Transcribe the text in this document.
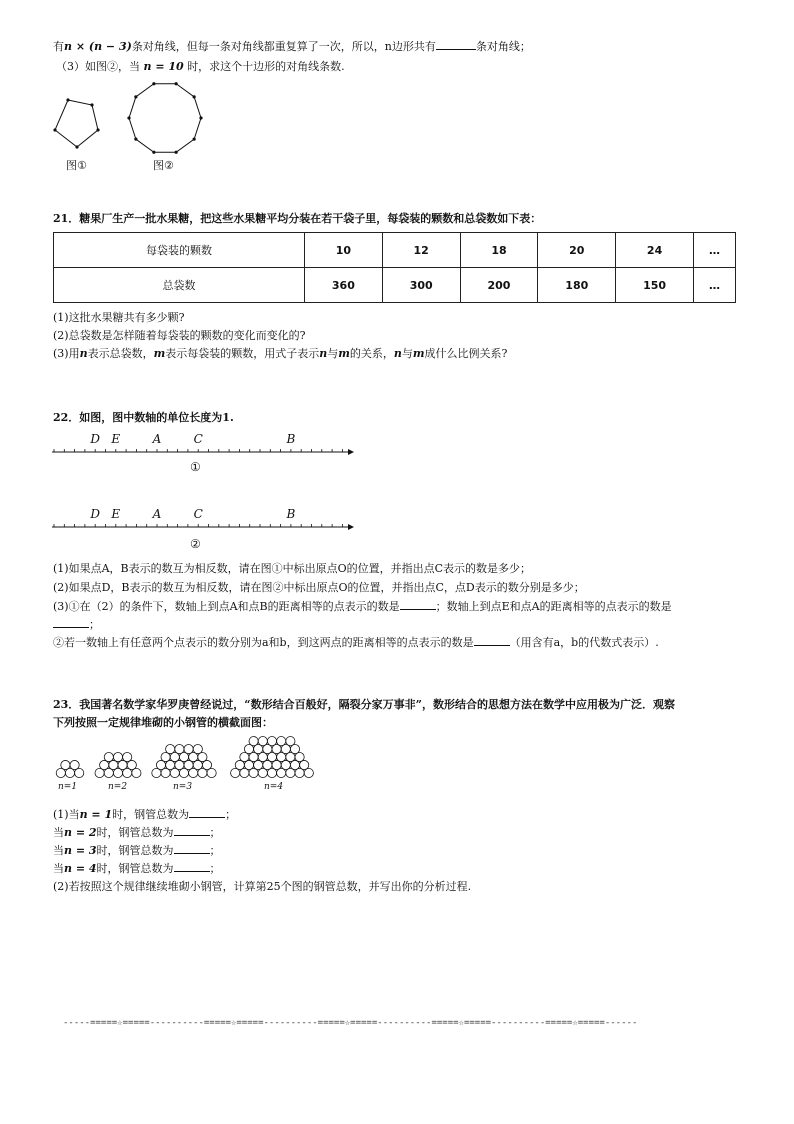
有n × (n − 3)条对角线，但每一条对角线都重复算了一次，所以，n边形共有	条对角线；
（3）如图②，当 n = 10 时，求这个十边形的对角线条数.
图①	图②
21．糖果厂生产一批水果糖，把这些水果糖平均分装在若干袋子里，每袋装的颗数和总袋数如下表：
每袋装的颗数	10	12	18	20	24	…
总袋数	360	300	200	180	150	…
(1)这批水果糖共有多少颗?
(2)总袋数是怎样随着每袋装的颗数的变化而变化的?
(3)用n表示总袋数，m表示每袋装的颗数，用式子表示n与m的关系，n与m成什么比例关系?
22．如图，图中数轴的单位长度为1.
D E	A	C	B
①
D E	A	C	B
②
(1)如果点A，B表示的数互为相反数，请在图①中标出原点O的位置，并指出点C表示的数是多少；
(2)如果点D，B表示的数互为相反数，请在图②中标出原点O的位置，并指出点C，点D表示的数分别是多少；
(3)①在（2）的条件下，数轴上到点A和点B的距离相等的点表示的数是	；数轴上到点E和点A的距离相等的点表示的数是
；
②若一数轴上有任意两个点表示的数分别为a和b，到这两点的距离相等的点表示的数是	（用含有a，b的代数式表示）.
23．我国著名数学家华罗庚曾经说过，“数形结合百般好，隔裂分家万事非”，数形结合的思想方法在数学中应用极为广泛．观察
下列按照一定规律堆砌的小钢管的横截面图：
n=1	n=2	n=3	n=4
(1)当n = 1时，钢管总数为	；
当n = 2时，钢管总数为	；
当n = 3时，钢管总数为	；
当n = 4时，钢管总数为	；
(2)若按照这个规律继续堆砌小钢管，计算第25个图的钢管总数，并写出你的分析过程.
-----=====☆=====----------=====☆=====----------=====☆=====----------=====☆=====----------=====☆=====------
